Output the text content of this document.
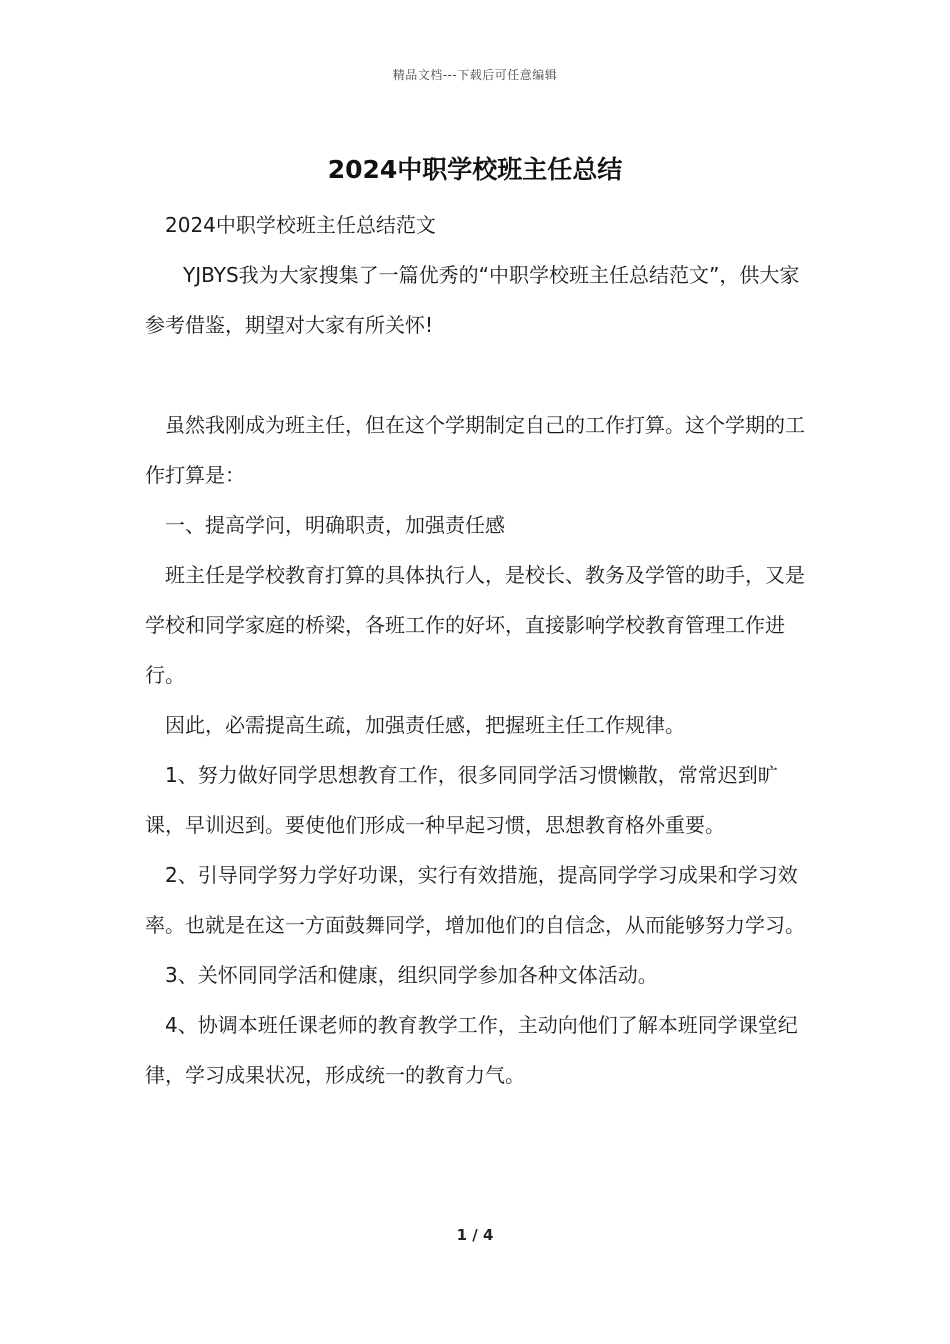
精品文档---下载后可任意编辑
2024中职学校班主任总结

2024中职学校班主任总结范文

YJBYS我为大家搜集了一篇优秀的“中职学校班主任总结范文”，供大家参考借鉴，期望对大家有所关怀!

虽然我刚成为班主任，但在这个学期制定自己的工作打算。这个学期的工作打算是：

一、提高学问，明确职责，加强责任感

班主任是学校教育打算的具体执行人，是校长、教务及学管的助手，又是学校和同学家庭的桥梁，各班工作的好坏，直接影响学校教育管理工作进行。

因此，必需提高生疏，加强责任感，把握班主任工作规律。

1、努力做好同学思想教育工作，很多同同学活习惯懒散，常常迟到旷课，早训迟到。要使他们形成一种早起习惯，思想教育格外重要。

2、引导同学努力学好功课，实行有效措施，提高同学学习成果和学习效率。也就是在这一方面鼓舞同学，增加他们的自信念，从而能够努力学习。

3、关怀同同学活和健康，组织同学参加各种文体活动。

4、协调本班任课老师的教育教学工作，主动向他们了解本班同学课堂纪律，学习成果状况，形成统一的教育力气。

1 / 4
